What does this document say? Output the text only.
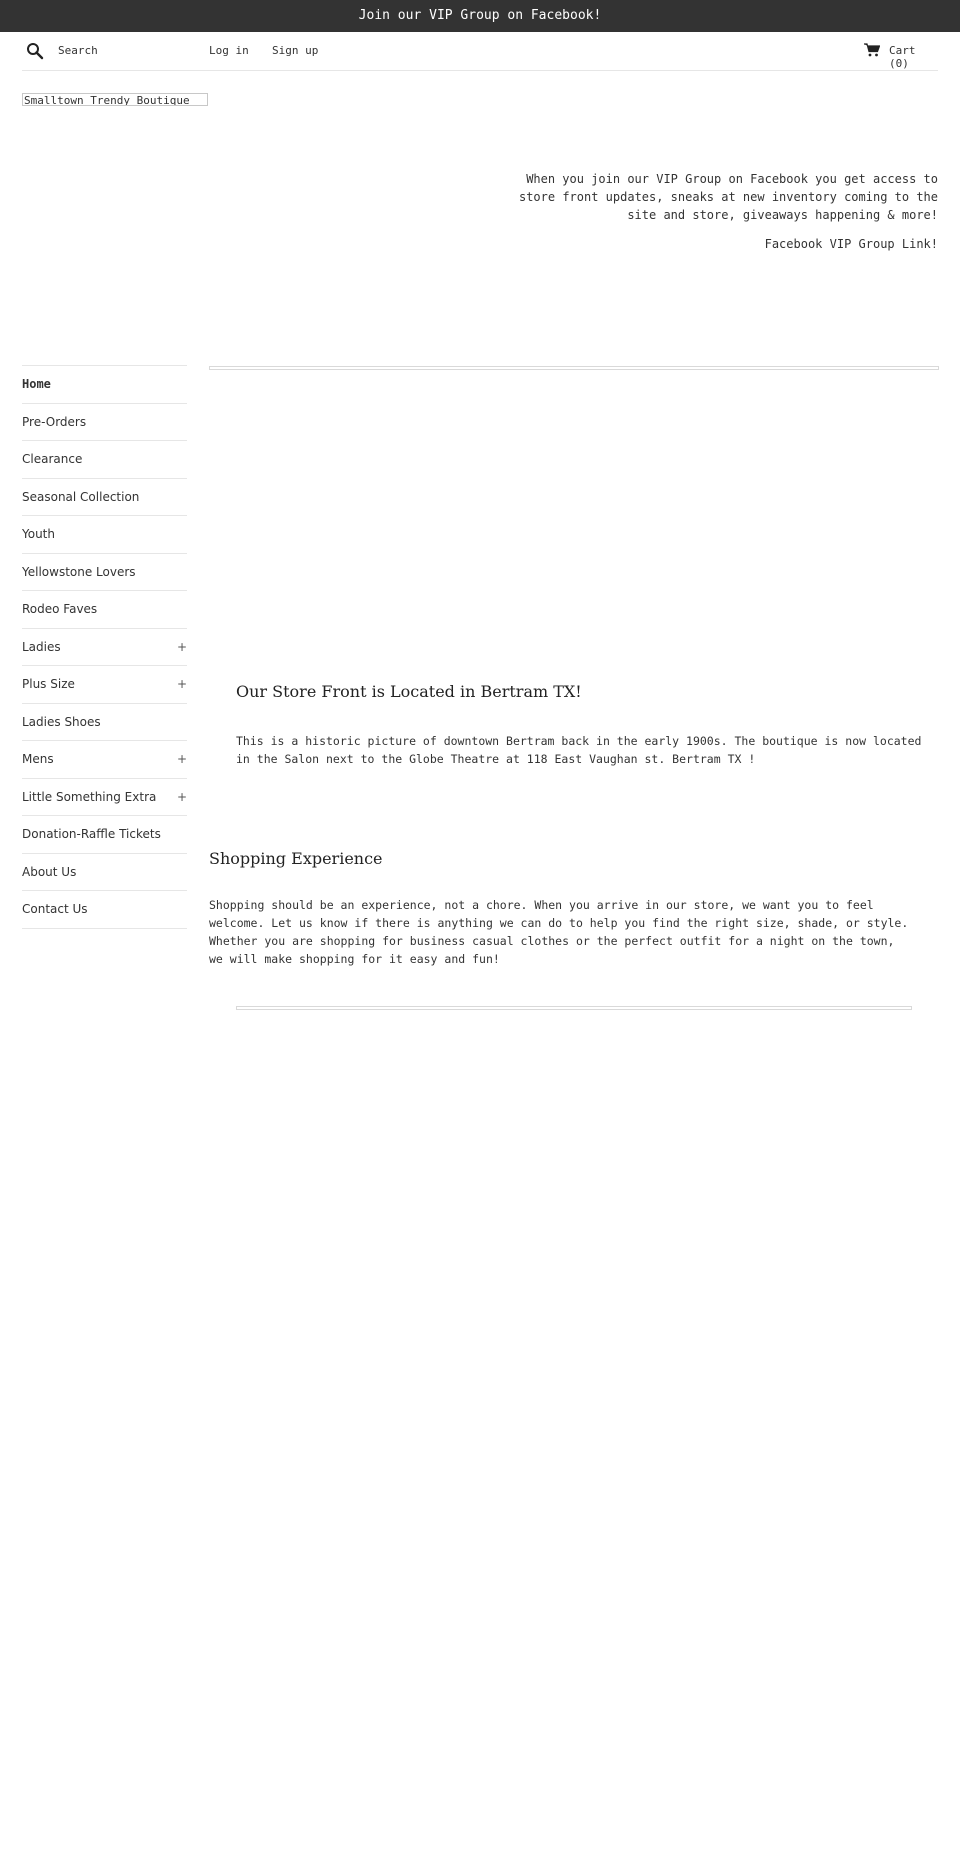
Join our VIP Group on Facebook!
Search
Log in Sign up	Cart (0)
Smalltown Trendy Boutique

When you join our VIP Group on Facebook you get access to store front updates, sneaks at new inventory coming to the site and store, giveaways happening & more!

Facebook VIP Group Link!

Home
Pre-Orders
Clearance
Seasonal Collection
Youth
Yellowstone Lovers
Rodeo Faves
Ladies	+
Plus Size	+
Ladies Shoes
Mens	+
Little Something Extra +
Donation-Raffle Tickets
About Us
Contact Us
Our Store Front is Located in Bertram TX!
This is a historic picture of downtown Bertram back in the early 1900s. The boutique is now located in the Salon next to the Globe Theatre at 118 East Vaughan st. Bertram TX !
Shopping Experience
Shopping should be an experience, not a chore. When you arrive in our store, we want you to feel welcome. Let us know if there is anything we can do to help you find the right size, shade, or style. Whether you are shopping for business casual clothes or the perfect outfit for a night on the town, we will make shopping for it easy and fun!
